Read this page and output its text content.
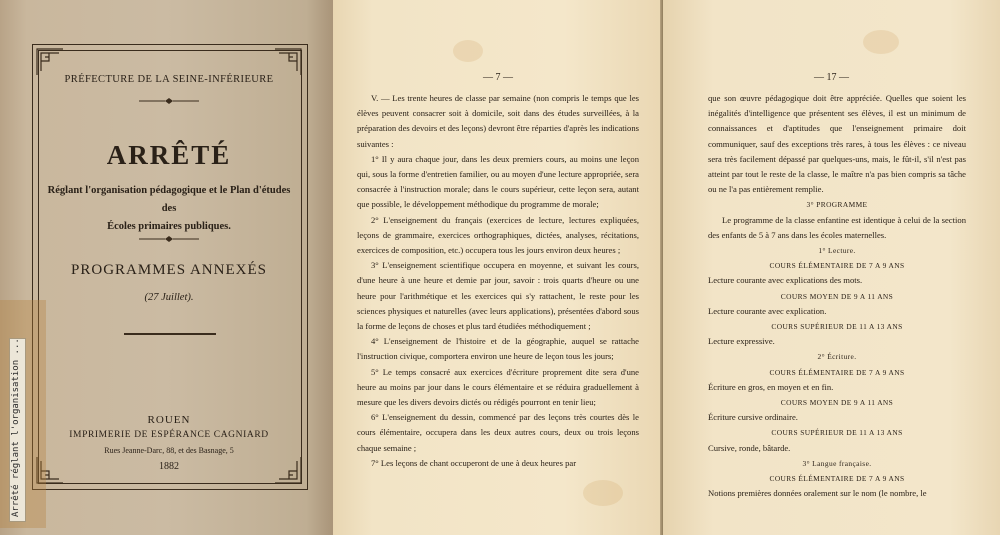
PRÉFECTURE DE LA SEINE-INFÉRIEURE
ARRÊTÉ
Réglant l'organisation pédagogique et le Plan d'études des
Écoles primaires publiques.
PROGRAMMES ANNEXÉS
(27 Juillet).
ROUEN
IMPRIMERIE DE ESPÉRANCE CAGNIARD
Rues Jeanne-Darc, 88, et des Basnage, 5
1882
Arrêté réglant l'organisation ...
— 7 —

V. — Les trente heures de classe par semaine (non compris le temps que les élèves peuvent consacrer soit à domicile, soit dans des études surveillées, à la préparation des devoirs et des leçons) devront être réparties d'après les indications suivantes :

1° Il y aura chaque jour, dans les deux premiers cours, au moins une leçon qui, sous la forme d'entretien familier, ou au moyen d'une lecture appropriée, sera consacrée à l'instruction morale; dans le cours supérieur, cette leçon sera, autant que possible, le développement méthodique du programme de morale;

2° L'enseignement du français (exercices de lecture, lectures expliquées, leçons de grammaire, exercices orthographiques, dictées, analyses, récitations, exercices de composition, etc.) occupera tous les jours environ deux heures ;

3° L'enseignement scientifique occupera en moyenne, et suivant les cours, d'une heure à une heure et demie par jour, savoir : trois quarts d'heure ou une heure pour l'arithmétique et les exercices qui s'y rattachent, le reste pour les sciences physiques et naturelles (avec leurs applications), présentées d'abord sous la forme de leçons de choses et plus tard étudiées méthodiquement ;

4° L'enseignement de l'histoire et de la géographie, auquel se rattache l'instruction civique, comportera environ une heure de leçon tous les jours;

5° Le temps consacré aux exercices d'écriture proprement dite sera d'une heure au moins par jour dans le cours élémentaire et se réduira graduellement à mesure que les divers devoirs dictés ou rédigés pourront en tenir lieu;

6° L'enseignement du dessin, commencé par des leçons très courtes dès le cours élémentaire, occupera dans les deux autres cours, deux ou trois leçons chaque semaine ;

7° Les leçons de chant occuperont de une à deux heures par

— 17 —

que son œuvre pédagogique doit être appréciée. Quelles que soient les inégalités d'intelligence que présentent ses élèves, il est un minimum de connaissances et d'aptitudes que l'enseignement primaire doit communiquer, sauf des exceptions très rares, à tous les élèves : ce niveau sera très facilement dépassé par quelques-uns, mais, le fût-il, s'il n'est pas atteint par tout le reste de la classe, le maître n'a pas bien compris sa tâche ou ne l'a pas entièrement remplie.

3° PROGRAMME

Le programme de la classe enfantine est identique à celui de la section des enfants de 5 à 7 ans dans les écoles maternelles.

1° Lecture.

COURS ÉLÉMENTAIRE DE 7 A 9 ANS

Lecture courante avec explications des mots.

COURS MOYEN DE 9 A 11 ANS

Lecture courante avec explication.

COURS SUPÉRIEUR DE 11 A 13 ANS

Lecture expressive.

2° Écriture.

COURS ÉLÉMENTAIRE DE 7 A 9 ANS

Écriture en gros, en moyen et en fin.

COURS MOYEN DE 9 A 11 ANS

Écriture cursive ordinaire.

COURS SUPÉRIEUR DE 11 A 13 ANS

Cursive, ronde, bâtarde.

3° Langue française.

COURS ÉLÉMENTAIRE DE 7 A 9 ANS

Notions premières données oralement sur le nom (le nombre, le
